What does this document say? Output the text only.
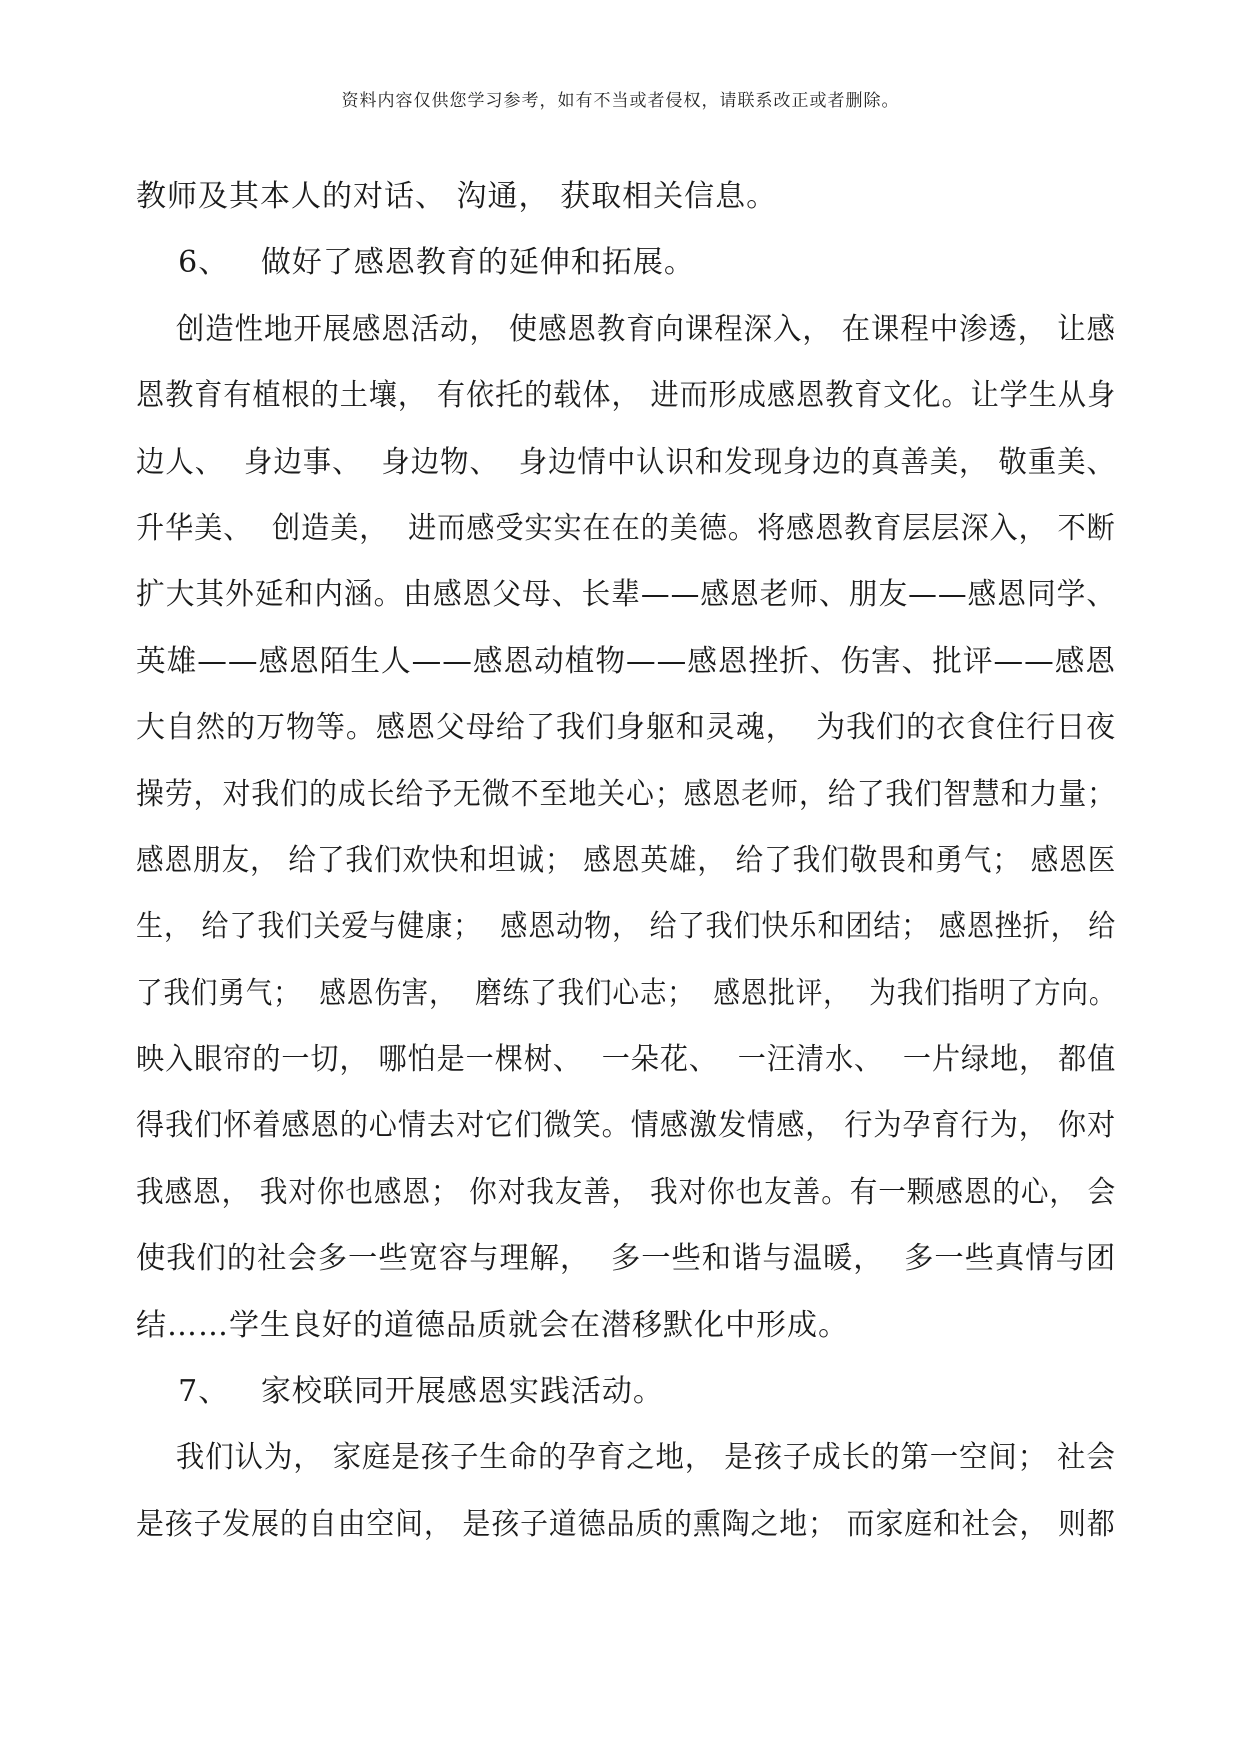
资料内容仅供您学习参考，如有不当或者侵权，请联系改正或者删除。
教师及其本人的对话、 沟通， 获取相关信息。
6、   做好了感恩教育的延伸和拓展。
创造性地开展感恩活动， 使感恩教育向课程深入， 在课程中渗透， 让感
恩教育有植根的土壤， 有依托的载体， 进而形成感恩教育文化。让学生从身
边人、  身边事、  身边物、  身边情中认识和发现身边的真善美， 敬重美、
升华美、  创造美，  进而感受实实在在的美德。将感恩教育层层深入， 不断
扩大其外延和内涵。由感恩父母、长辈——感恩老师、朋友——感恩同学、
英雄——感恩陌生人——感恩动植物——感恩挫折、伤害、批评——感恩
大自然的万物等。感恩父母给了我们身躯和灵魂，  为我们的衣食住行日夜
操劳，对我们的成长给予无微不至地关心；感恩老师，给了我们智慧和力量；
感恩朋友， 给了我们欢快和坦诚； 感恩英雄， 给了我们敬畏和勇气； 感恩医
生， 给了我们关爱与健康；  感恩动物， 给了我们快乐和团结； 感恩挫折， 给
了我们勇气；  感恩伤害，  磨练了我们心志；  感恩批评，  为我们指明了方向。
映入眼帘的一切， 哪怕是一棵树、  一朵花、  一汪清水、  一片绿地， 都值
得我们怀着感恩的心情去对它们微笑。情感激发情感， 行为孕育行为， 你对
我感恩， 我对你也感恩； 你对我友善， 我对你也友善。有一颗感恩的心， 会
使我们的社会多一些宽容与理解，  多一些和谐与温暖，  多一些真情与团
结……学生良好的道德品质就会在潜移默化中形成。
7、   家校联同开展感恩实践活动。
我们认为， 家庭是孩子生命的孕育之地， 是孩子成长的第一空间； 社会
是孩子发展的自由空间， 是孩子道德品质的熏陶之地； 而家庭和社会， 则都
